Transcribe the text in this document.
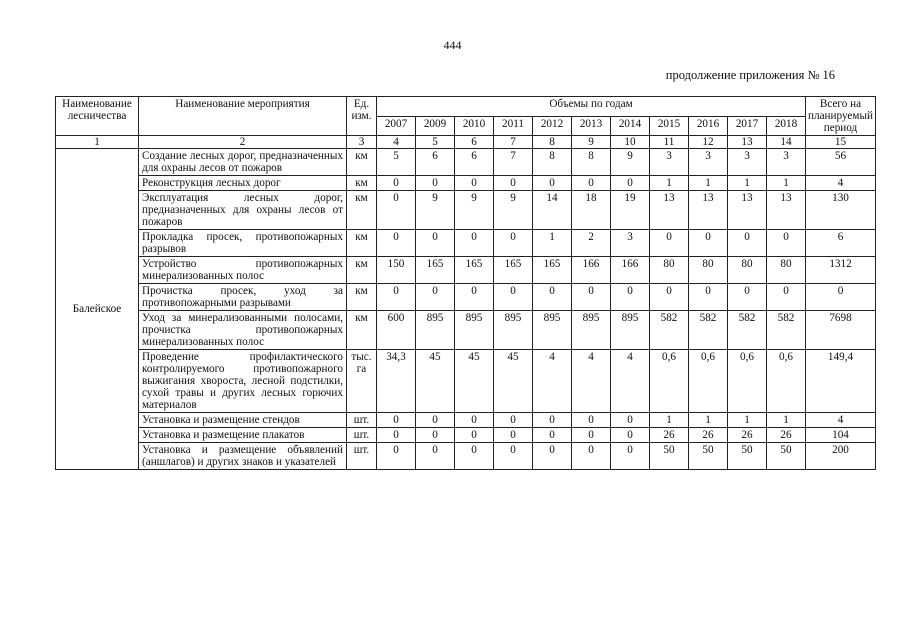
444
продолжение приложения № 16
Наименование лесничества	Наименование мероприятия	Ед. изм.	Объемы по годам											Всего на планируемый период
			2007	2009	2010	2011	2012	2013	2014	2015	2016	2017	2018	
1	2	3	4	5	6	7	8	9	10	11	12	13	14	15
Балейское	Создание лесных дорог, предназначенных для охраны лесов от пожаров	км	5	6	6	7	8	8	9	3	3	3	3	56
	Реконструкция лесных дорог	км	0	0	0	0	0	0	0	1	1	1	1	4
	Эксплуатация лесных дорог, предназначенных для охраны лесов от пожаров	км	0	9	9	9	14	18	19	13	13	13	13	130
	Прокладка просек, противопожарных разрывов	км	0	0	0	0	1	2	3	0	0	0	0	6
	Устройство противопожарных минерализованных полос	км	150	165	165	165	165	166	166	80	80	80	80	1312
	Прочистка просек, уход за противопожарными разрывами	км	0	0	0	0	0	0	0	0	0	0	0	0
	Уход за минерализованными полосами, прочистка противопожарных минерализованных полос	км	600	895	895	895	895	895	895	582	582	582	582	7698
	Проведение профилактического контролируемого противопожарного выжигания хвороста, лесной подстилки, сухой травы и других лесных горючих материалов	тыс. га	34,3	45	45	45	4	4	4	0,6	0,6	0,6	0,6	149,4
	Установка и размещение стендов	шт.	0	0	0	0	0	0	0	1	1	1	1	4
	Установка и размещение плакатов	шт.	0	0	0	0	0	0	0	26	26	26	26	104
	Установка и размещение объявлений (аншлагов) и других знаков и указателей	шт.	0	0	0	0	0	0	0	50	50	50	50	200
